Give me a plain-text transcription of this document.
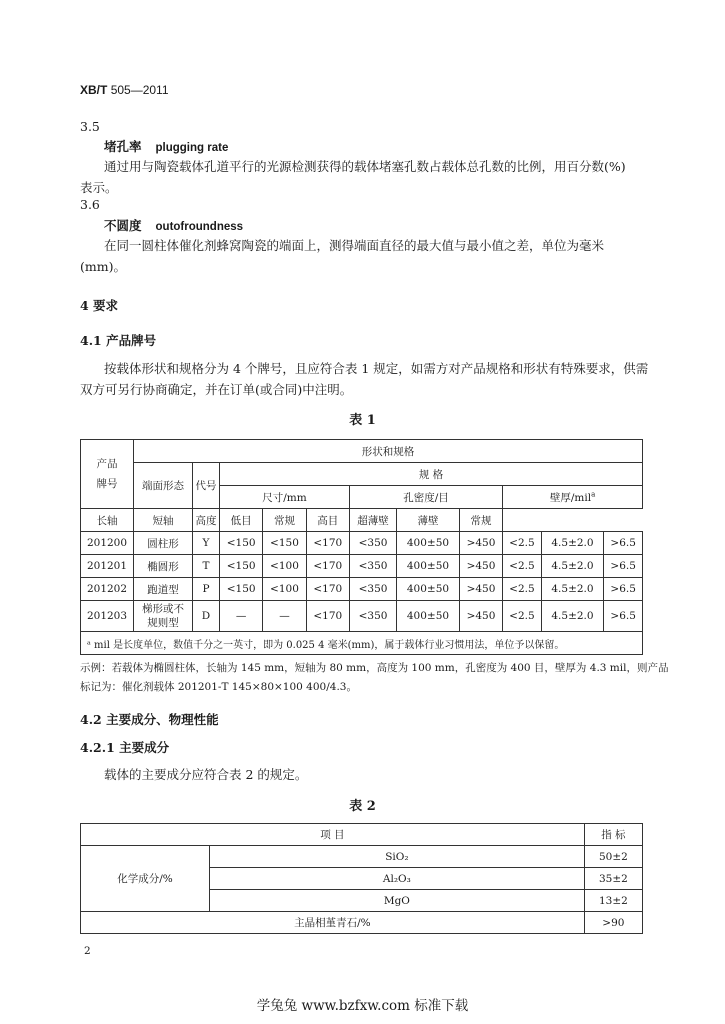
XB/T 505—2011
3.5
堵孔率 plugging rate
通过用与陶瓷载体孔道平行的光源检测获得的载体堵塞孔数占载体总孔数的比例，用百分数(%)
表示。
3.6
不圆度 outofroundness
在同一圆柱体催化剂蜂窝陶瓷的端面上，测得端面直径的最大值与最小值之差，单位为毫米
(mm)。
4 要求
4.1 产品牌号
按载体形状和规格分为 4 个牌号，且应符合表 1 规定，如需方对产品规格和形状有特殊要求，供需
双方可另行协商确定，并在订单(或合同)中注明。
表 1
产品牌号	形状和规格										
	端面形态	代号	规 格								
			尺寸/mm			孔密度/目			壁厚/mil$^a$
长轴	短轴	高度	低目	常规	高目	超薄壁	薄壁	常规			
201200	圆柱形	Y	<150	<150	<170	<350	400±50	>450	<2.5	4.5±2.0	>6.5
201201	椭圆形	T	<150	<100	<170	<350	400±50	>450	<2.5	4.5±2.0	>6.5
201202	跑道型	P	<150	<100	<170	<350	400±50	>450	<2.5	4.5±2.0	>6.5
201203	梯形或不规则型	D	—	—	<170	<350	400±50	>450	<2.5	4.5±2.0	>6.5
ᵃ mil 是长度单位，数值千分之一英寸，即为 0.025 4 毫米(mm)，属于载体行业习惯用法，单位予以保留。											
示例：若载体为椭圆柱体，长轴为 145 mm，短轴为 80 mm，高度为 100 mm，孔密度为 400 目，壁厚为 4.3 mil，则产品
标记为：催化剂载体 201201-T 145×80×100 400/4.3。
4.2 主要成分、物理性能
4.2.1 主要成分
载体的主要成分应符合表 2 的规定。
表 2
项 目		指 标
化学成分/%	SiO₂	50±2
	Al₂O₃	35±2
	MgO	13±2
主晶相堇青石/%		>90
2
学兔兔 www.bzfxw.com 标准下载
